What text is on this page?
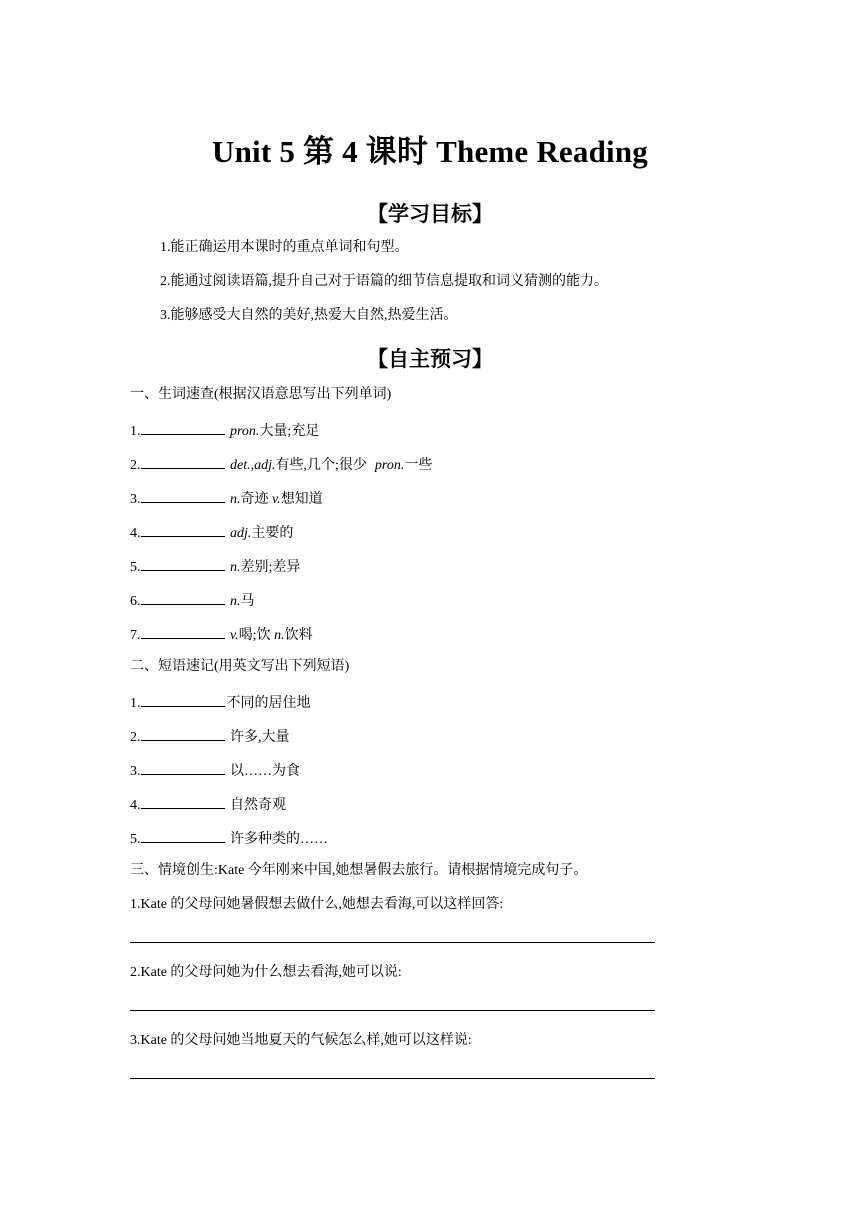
Unit 5 第 4 课时 Theme Reading
【学习目标】
1.能正确运用本课时的重点单词和句型。
2.能通过阅读语篇,提升自己对于语篇的细节信息提取和词义猜测的能力。
3.能够感受大自然的美好,热爱大自然,热爱生活。
【自主预习】
一、生词速查(根据汉语意思写出下列单词)
1.	pron.大量;充足
2.	det.,adj.有些,几个;很少 pron.一些
3.	n.奇迹 v.想知道
4.	adj.主要的
5.	n.差别;差异
6.	n.马
7.	v.喝;饮 n.饮料
二、短语速记(用英文写出下列短语)
1.	不同的居住地
2.	许多,大量
3.	以……为食
4.	自然奇观
5.	许多种类的……
三、情境创生:Kate 今年刚来中国,她想暑假去旅行。请根据情境完成句子。
1.Kate 的父母问她暑假想去做什么,她想去看海,可以这样回答:
2.Kate 的父母问她为什么想去看海,她可以说:
3.Kate 的父母问她当地夏天的气候怎么样,她可以这样说:
